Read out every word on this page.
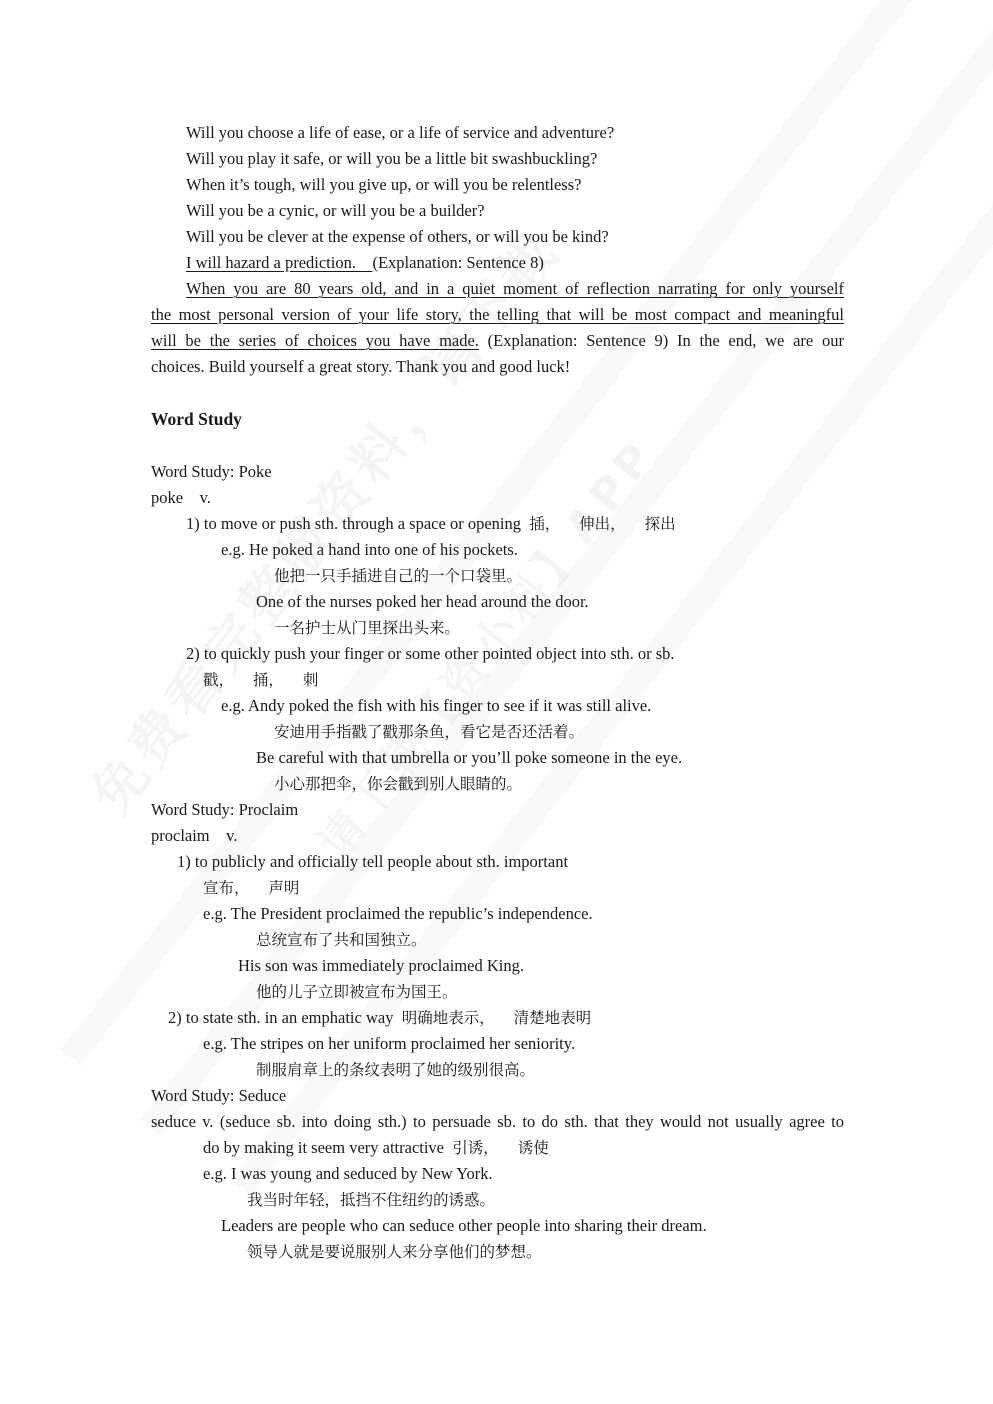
Will you choose a life of ease, or a life of service and adventure?
Will you play it safe, or will you be a little bit swashbuckling?
When it’s tough, will you give up, or will you be relentless?
Will you be a cynic, or will you be a builder?
Will you be clever at the expense of others, or will you be kind?
I will hazard a prediction. (Explanation: Sentence 8)
When you are 80 years old, and in a quiet moment of reflection narrating for only yourself
the most personal version of your life story, the telling that will be most compact and meaningful
will be the series of choices you have made. (Explanation: Sentence 9) In the end, we are our
choices. Build yourself a great story. Thank you and good luck!
Word Study
Word Study: Poke
poke    v.
1) to move or push sth. through a space or opening 插， 伸出， 探出
e.g. He poked a hand into one of his pockets.
他把一只手插进自己的一个口袋里。
One of the nurses poked her head around the door.
一名护士从门里探出头来。
2) to quickly push your finger or some other pointed object into sth. or sb.
戳， 捅， 刺
e.g. Andy poked the fish with his finger to see if it was still alive.
安迪用手指戳了戳那条鱼，看它是否还活着。
Be careful with that umbrella or you’ll poke someone in the eye.
小心那把伞，你会戳到别人眼睛的。
Word Study: Proclaim
proclaim    v.
1) to publicly and officially tell people about sth. important
宣布， 声明
e.g. The President proclaimed the republic’s independence.
总统宣布了共和国独立。
His son was immediately proclaimed King.
他的儿子立即被宣布为国王。
2) to state sth. in an emphatic way 明确地表示， 清楚地表明
e.g. The stripes on her uniform proclaimed her seniority.
制服肩章上的条纹表明了她的级别很高。
Word Study: Seduce
seduce v. (seduce sb. into doing sth.) to persuade sb. to do sth. that they would not usually agree to
do by making it seem very attractive 引诱， 诱使
e.g. I was young and seduced by New York.
我当时年轻，抵挡不住纽约的诱惑。
Leaders are people who can seduce other people into sharing their dream.
领导人就是要说服别人来分享他们的梦想。
